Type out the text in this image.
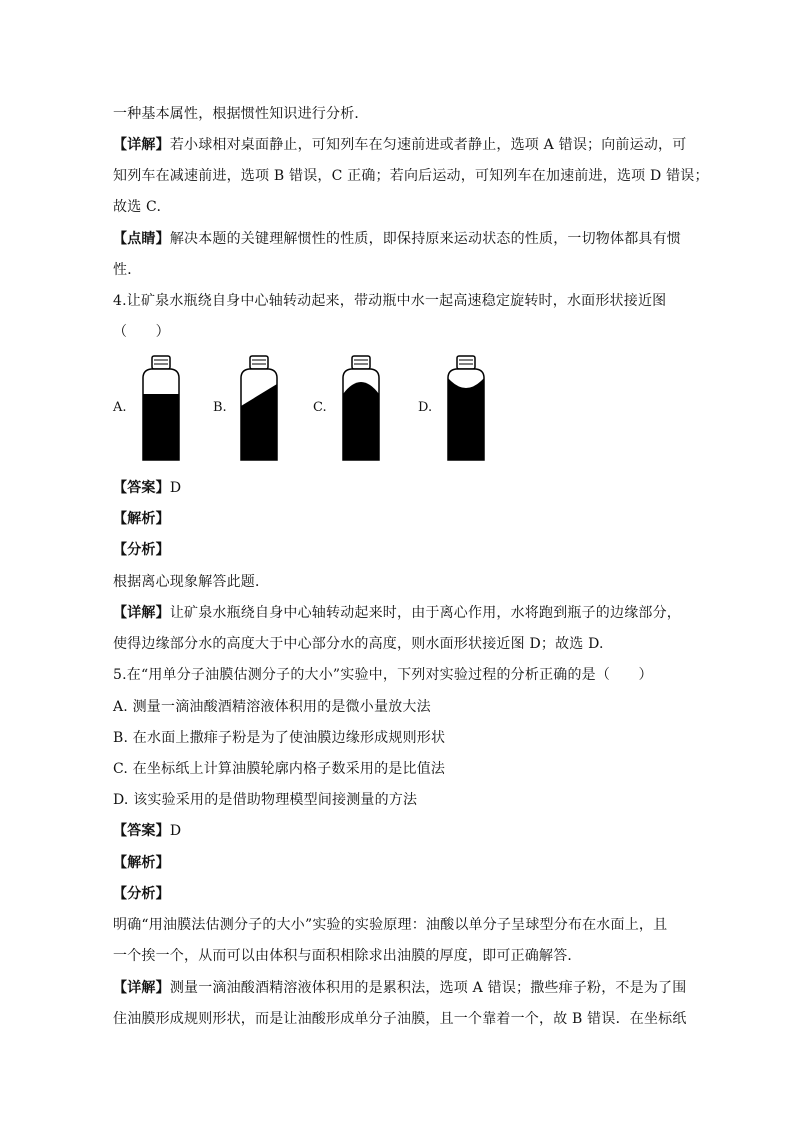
一种基本属性，根据惯性知识进行分析．
【详解】若小球相对桌面静止，可知列车在匀速前进或者静止，选项 A 错误；向前运动，可
知列车在减速前进，选项 B 错误，C 正确；若向后运动，可知列车在加速前进，选项 D 错误；
故选 C.
【点睛】解决本题的关键理解惯性的性质，即保持原来运动状态的性质，一切物体都具有惯
性．
4.让矿泉水瓶绕自身中心轴转动起来，带动瓶中水一起高速稳定旋转时，水面形状接近图
（　　）
A.	B.	C.	D.
【答案】D
【解析】
【分析】
根据离心现象解答此题．
【详解】让矿泉水瓶绕自身中心轴转动起来时，由于离心作用，水将跑到瓶子的边缘部分，
使得边缘部分水的高度大于中心部分水的高度，则水面形状接近图 D；故选 D.
5.在“用单分子油膜估测分子的大小”实验中，下列对实验过程的分析正确的是（　　）
A. 测量一滴油酸酒精溶液体积用的是微小量放大法
B. 在水面上撒痱子粉是为了使油膜边缘形成规则形状
C. 在坐标纸上计算油膜轮廓内格子数采用的是比值法
D. 该实验采用的是借助物理模型间接测量的方法
【答案】D
【解析】
【分析】
明确“用油膜法估测分子的大小”实验的实验原理：油酸以单分子呈球型分布在水面上，且
一个挨一个，从而可以由体积与面积相除求出油膜的厚度，即可正确解答．
【详解】测量一滴油酸酒精溶液体积用的是累积法，选项 A 错误；撒些痱子粉，不是为了围
住油膜形成规则形状，而是让油酸形成单分子油膜，且一个靠着一个，故 B 错误．在坐标纸
